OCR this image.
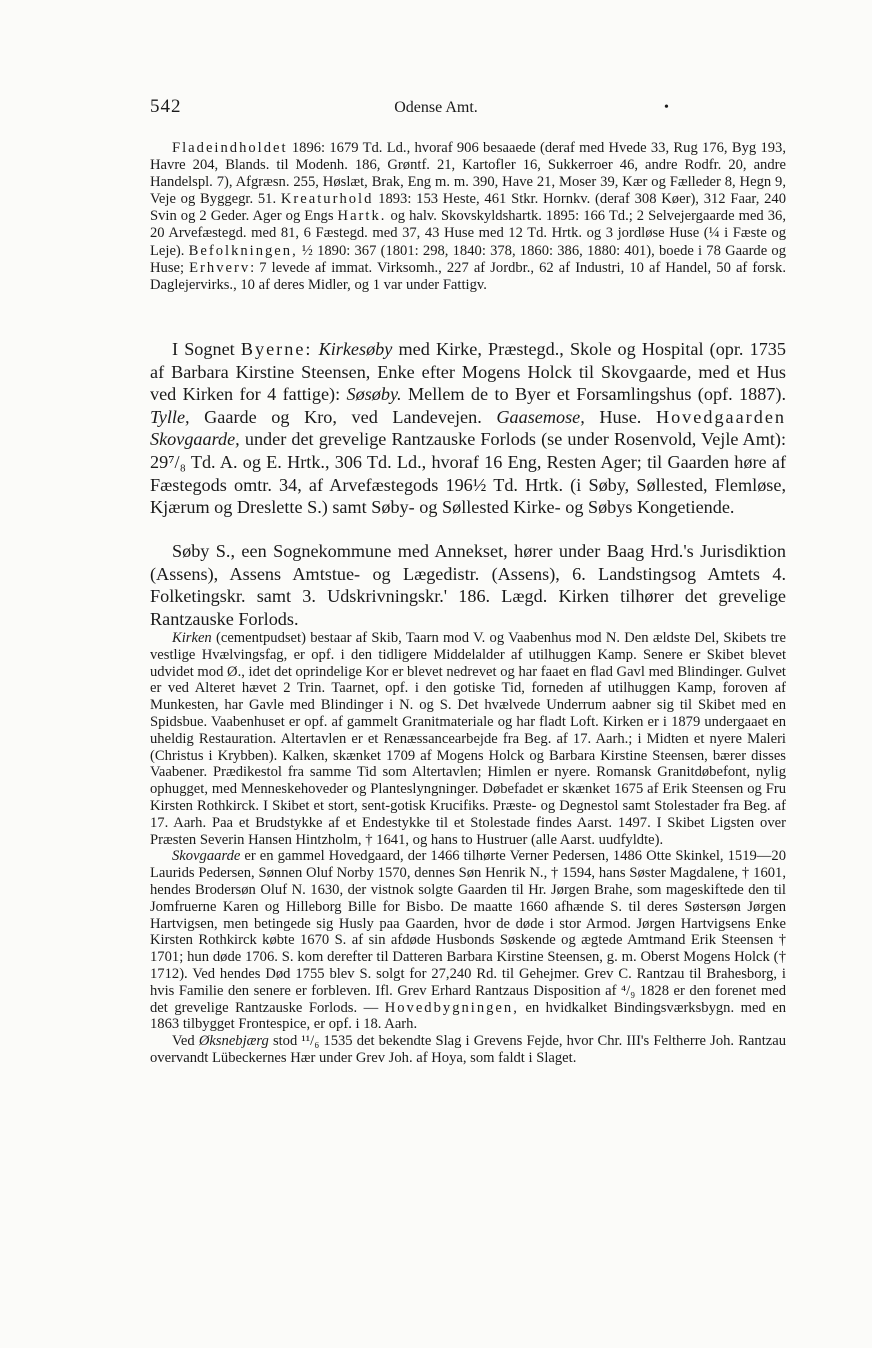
542	Odense Amt.	•

Fladeindholdet 1896: 1679 Td. Ld., hvoraf 906 besaaede (deraf med Hvede 33, Rug 176, Byg 193, Havre 204, Blands. til Modenh. 186, Grøntf. 21, Kartofler 16, Sukkerroer 46, andre Rodfr. 20, andre Handelspl. 7), Afgræsn. 255, Høslæt, Brak, Eng m. m. 390, Have 21, Moser 39, Kær og Fælleder 8, Hegn 9, Veje og Byggegr. 51. Kreaturhold 1893: 153 Heste, 461 Stkr. Hornkv. (deraf 308 Køer), 312 Faar, 240 Svin og 2 Geder. Ager og Engs Hartk. og halv. Skovskyldshartk. 1895: 166 Td.; 2 Selvejergaarde med 36, 20 Arvefæstegd. med 81, 6 Fæstegd. med 37, 43 Huse med 12 Td. Hrtk. og 3 jordløse Huse (¼ i Fæste og Leje). Befolkningen, ½ 1890: 367 (1801: 298, 1840: 378, 1860: 386, 1880: 401), boede i 78 Gaarde og Huse; Erhverv: 7 levede af immat. Virksomh., 227 af Jordbr., 62 af Industri, 10 af Handel, 50 af forsk. Daglejervirks., 10 af deres Midler, og 1 var under Fattigv.

I Sognet Byerne: Kirkesøby med Kirke, Præstegd., Skole og Hospital (opr. 1735 af Barbara Kirstine Steensen, Enke efter Mogens Holck til Skovgaarde, med et Hus ved Kirken for 4 fattige): Søsøby. Mellem de to Byer et Forsamlingshus (opf. 1887). Tylle, Gaarde og Kro, ved Landevejen. Gaasemose, Huse. Hovedgaarden Skovgaarde, under det grevelige Rantzauske Forlods (se under Rosenvold, Vejle Amt): 29⁷/₈ Td. A. og E. Hrtk., 306 Td. Ld., hvoraf 16 Eng, Resten Ager; til Gaarden høre af Fæstegods omtr. 34, af Arvefæstegods 196½ Td. Hrtk. (i Søby, Søllested, Flemløse, Kjærum og Dreslette S.) samt Søby- og Søllested Kirke- og Søbys Kongetiende.

Søby S., een Sognekommune med Annekset, hører under Baag Hrd.'s Jurisdiktion (Assens), Assens Amtstue- og Lægedistr. (Assens), 6. Landstingsog Amtets 4. Folketingskr. samt 3. Udskrivningskr.' 186. Lægd. Kirken tilhører det grevelige Rantzauske Forlods.

Kirken (cementpudset) bestaar af Skib, Taarn mod V. og Vaabenhus mod N. Den ældste Del, Skibets tre vestlige Hvælvingsfag, er opf. i den tidligere Middelalder af utilhuggen Kamp. Senere er Skibet blevet udvidet mod Ø., idet det oprindelige Kor er blevet nedrevet og har faaet en flad Gavl med Blindinger. Gulvet er ved Alteret hævet 2 Trin. Taarnet, opf. i den gotiske Tid, forneden af utilhuggen Kamp, foroven af Munkesten, har Gavle med Blindinger i N. og S. Det hvælvede Underrum aabner sig til Skibet med en Spidsbue. Vaabenhuset er opf. af gammelt Granitmateriale og har fladt Loft. Kirken er i 1879 undergaaet en uheldig Restauration. Altertavlen er et Renæssancearbejde fra Beg. af 17. Aarh.; i Midten et nyere Maleri (Christus i Krybben). Kalken, skænket 1709 af Mogens Holck og Barbara Kirstine Steensen, bærer disses Vaabener. Prædikestol fra samme Tid som Altertavlen; Himlen er nyere. Romansk Granitdøbefont, nylig ophugget, med Menneskehoveder og Planteslyngninger. Døbefadet er skænket 1675 af Erik Steensen og Fru Kirsten Rothkirck. I Skibet et stort, sent-gotisk Krucifiks. Præste- og Degnestol samt Stolestader fra Beg. af 17. Aarh. Paa et Brudstykke af et Endestykke til et Stolestade findes Aarst. 1497. I Skibet Ligsten over Præsten Severin Hansen Hintzholm, † 1641, og hans to Hustruer (alle Aarst. uudfyldte).

Skovgaarde er en gammel Hovedgaard, der 1466 tilhørte Verner Pedersen, 1486 Otte Skinkel, 1519—20 Laurids Pedersen, Sønnen Oluf Norby 1570, dennes Søn Henrik N., † 1594, hans Søster Magdalene, † 1601, hendes Brodersøn Oluf N. 1630, der vistnok solgte Gaarden til Hr. Jørgen Brahe, som mageskiftede den til Jomfruerne Karen og Hilleborg Bille for Bisbo. De maatte 1660 afhænde S. til deres Søstersøn Jørgen Hartvigsen, men betingede sig Husly paa Gaarden, hvor de døde i stor Armod. Jørgen Hartvigsens Enke Kirsten Rothkirck købte 1670 S. af sin afdøde Husbonds Søskende og ægtede Amtmand Erik Steensen † 1701; hun døde 1706. S. kom derefter til Datteren Barbara Kirstine Steensen, g. m. Oberst Mogens Holck († 1712). Ved hendes Død 1755 blev S. solgt for 27,240 Rd. til Gehejmer. Grev C. Rantzau til Brahesborg, i hvis Familie den senere er forbleven. Ifl. Grev Erhard Rantzaus Disposition af ⁴/₉ 1828 er den forenet med det grevelige Rantzauske Forlods. — Hovedbygningen, en hvidkalket Bindingsværksbygn. med en 1863 tilbygget Frontespice, er opf. i 18. Aarh.

Ved Øksnebjærg stod ¹¹/₆ 1535 det bekendte Slag i Grevens Fejde, hvor Chr. III's Feltherre Joh. Rantzau overvandt Lübeckernes Hær under Grev Joh. af Hoya, som faldt i Slaget.
